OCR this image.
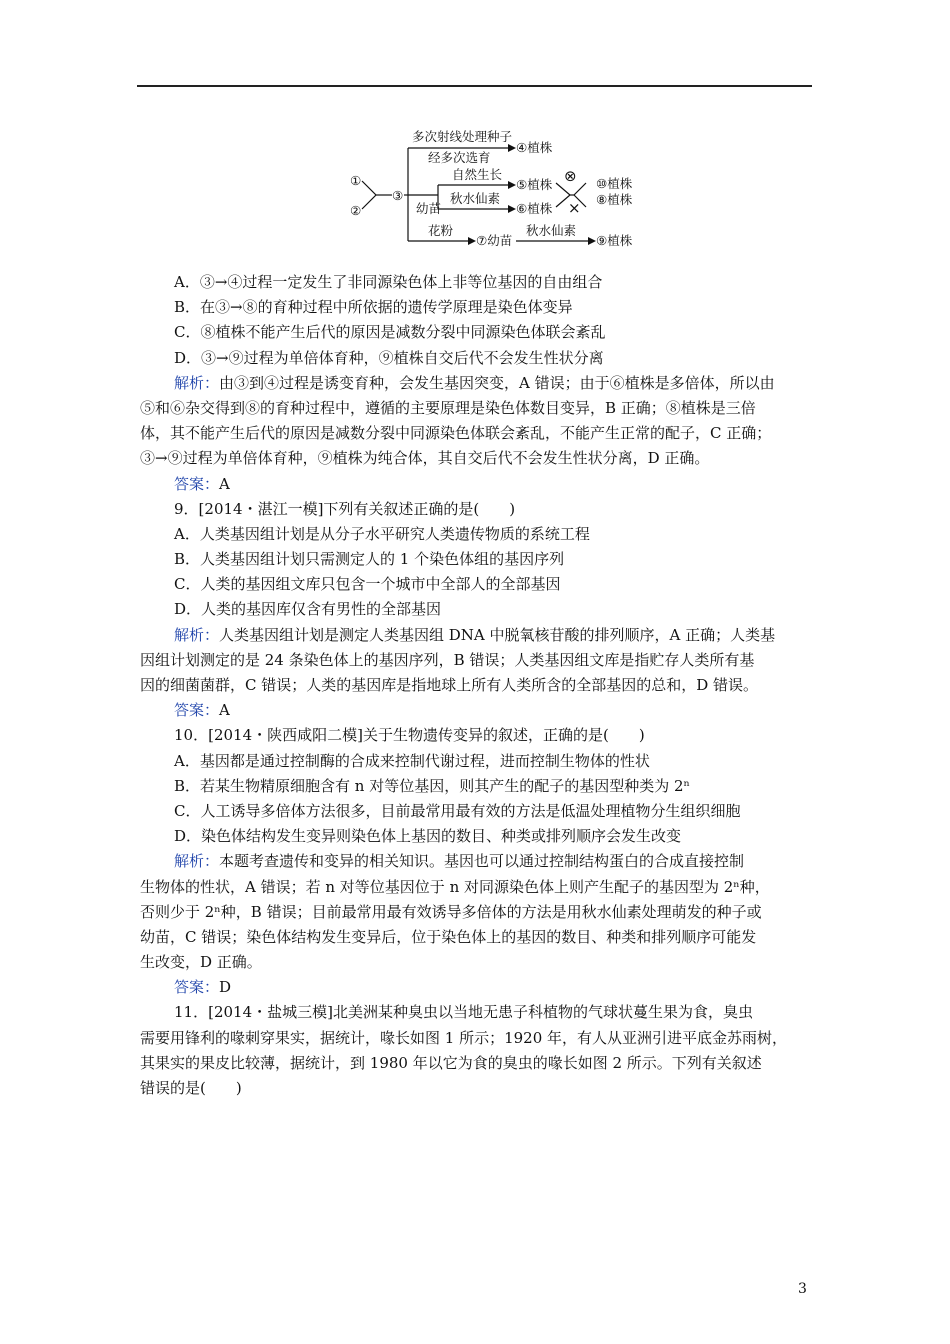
①
②
③
多次射线处理种子
经多次选育
④植株
自然生长
⑤植株
幼苗
秋水仙素
⑥植株
⊗
×
⑩植株
⑧植株
花粉
⑦幼苗
秋水仙素
⑨植株
A．③→④过程一定发生了非同源染色体上非等位基因的自由组合
B．在③→⑧的育种过程中所依据的遗传学原理是染色体变异
C．⑧植株不能产生后代的原因是减数分裂中同源染色体联会紊乱
D．③→⑨过程为单倍体育种，⑨植株自交后代不会发生性状分离
解析：由③到④过程是诱变育种，会发生基因突变，A 错误；由于⑥植株是多倍体，所以由
⑤和⑥杂交得到⑧的育种过程中，遵循的主要原理是染色体数目变异，B 正确；⑧植株是三倍
体，其不能产生后代的原因是减数分裂中同源染色体联会紊乱，不能产生正常的配子，C 正确；
③→⑨过程为单倍体育种，⑨植株为纯合体，其自交后代不会发生性状分离，D 正确。
答案：A
9．[2014・湛江一模]下列有关叙述正确的是(　　)
A．人类基因组计划是从分子水平研究人类遗传物质的系统工程
B．人类基因组计划只需测定人的 1 个染色体组的基因序列
C．人类的基因组文库只包含一个城市中全部人的全部基因
D．人类的基因库仅含有男性的全部基因
解析：人类基因组计划是测定人类基因组 DNA 中脱氧核苷酸的排列顺序，A 正确；人类基
因组计划测定的是 24 条染色体上的基因序列，B 错误；人类基因组文库是指贮存人类所有基
因的细菌菌群，C 错误；人类的基因库是指地球上所有人类所含的全部基因的总和，D 错误。
答案：A
10．[2014・陕西咸阳二模]关于生物遗传变异的叙述，正确的是(　　)
A．基因都是通过控制酶的合成来控制代谢过程，进而控制生物体的性状
B．若某生物精原细胞含有 n 对等位基因，则其产生的配子的基因型种类为 2ⁿ
C．人工诱导多倍体方法很多，目前最常用最有效的方法是低温处理植物分生组织细胞
D．染色体结构发生变异则染色体上基因的数目、种类或排列顺序会发生改变
解析：本题考查遗传和变异的相关知识。基因也可以通过控制结构蛋白的合成直接控制
生物体的性状，A 错误；若 n 对等位基因位于 n 对同源染色体上则产生配子的基因型为 2ⁿ种，
否则少于 2ⁿ种，B 错误；目前最常用最有效诱导多倍体的方法是用秋水仙素处理萌发的种子或
幼苗，C 错误；染色体结构发生变异后，位于染色体上的基因的数目、种类和排列顺序可能发
生改变，D 正确。
答案：D
11．[2014・盐城三模]北美洲某种臭虫以当地无患子科植物的气球状蔓生果为食，臭虫
需要用锋利的喙刺穿果实，据统计，喙长如图 1 所示；1920 年，有人从亚洲引进平底金苏雨树，
其果实的果皮比较薄，据统计，到 1980 年以它为食的臭虫的喙长如图 2 所示。下列有关叙述
错误的是(　　)
3
